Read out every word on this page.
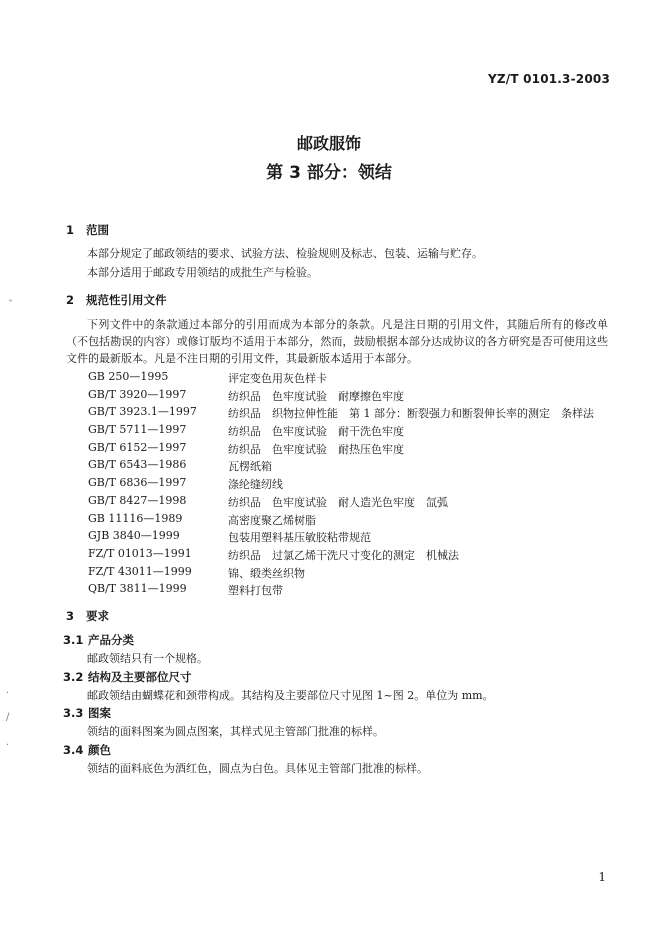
YZ/T 0101.3-2003
邮政服饰
第 3 部分：领结
1 范围
本部分规定了邮政领结的要求、试验方法、检验规则及标志、包装、运输与贮存。
本部分适用于邮政专用领结的成批生产与检验。
2 规范性引用文件
下列文件中的条款通过本部分的引用而成为本部分的条款。凡是注日期的引用文件，其随后所有的修改单（不包括勘误的内容）或修订版均不适用于本部分，然而，鼓励根据本部分达成协议的各方研究是否可使用这些文件的最新版本。凡是不注日期的引用文件，其最新版本适用于本部分。
GB 250—1995	评定变色用灰色样卡
GB/T 3920—1997	纺织品　色牢度试验　耐摩擦色牢度
GB/T 3923.1—1997	纺织品　织物拉伸性能　第 1 部分：断裂强力和断裂伸长率的测定　条样法
GB/T 5711—1997	纺织品　色牢度试验　耐干洗色牢度
GB/T 6152—1997	纺织品　色牢度试验　耐热压色牢度
GB/T 6543—1986	瓦楞纸箱
GB/T 6836—1997	涤纶缝纫线
GB/T 8427—1998	纺织品　色牢度试验　耐人造光色牢度　氙弧
GB 11116—1989	高密度聚乙烯树脂
GJB 3840—1999	包装用塑料基压敏胶粘带规范
FZ/T 01013—1991	纺织品　过氯乙烯干洗尺寸变化的测定　机械法
FZ/T 43011—1999	锦、缎类丝织物
QB/T 3811—1999	塑料打包带
3 要求
3.1 产品分类
邮政领结只有一个规格。
3.2 结构及主要部位尺寸
邮政领结由蝴蝶花和颈带构成。其结构及主要部位尺寸见图 1~图 2。单位为 mm。
3.3 图案
领结的面料图案为圆点图案，其样式见主管部门批准的标样。
3.4 颜色
领结的面料底色为酒红色，圆点为白色。具体见主管部门批准的标样。
1
ˇ
·
/
·
